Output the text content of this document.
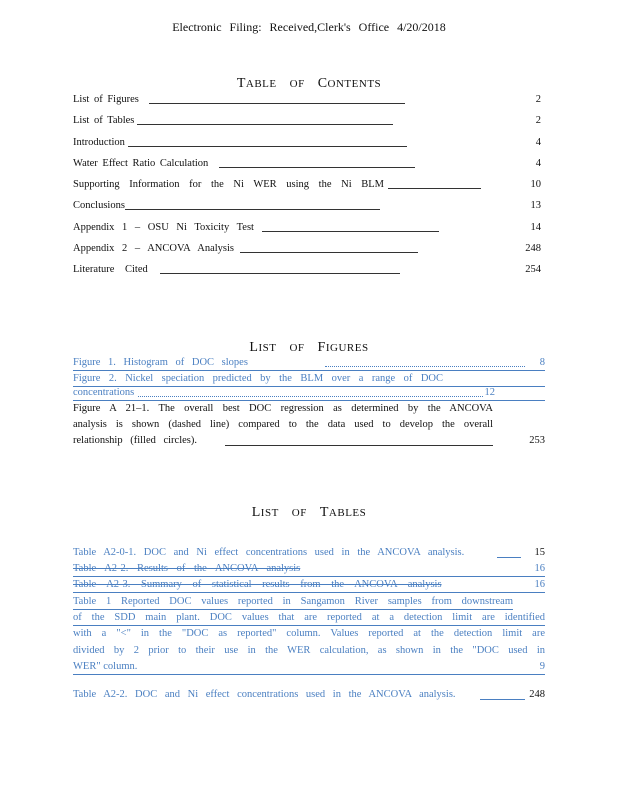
Electronic Filing: Received,Clerk's Office 4/20/2018
TABLE OF CONTENTS
List of Figures	2
List of Tables	2
Introduction	4
Water Effect Ratio Calculation	4
Supporting Information for the Ni WER using the Ni BLM	10
Conclusions	13
Appendix 1 – OSU Ni Toxicity Test	14
Appendix 2 – ANCOVA Analysis	248
Literature Cited	254
LIST OF FIGURES
Figure 1. Histogram of DOC slopes	8
Figure 2. Nickel speciation predicted by the BLM over a range of DOC
concentrations	12
Figure A 21–1. The overall best DOC regression as determined by the ANCOVA
analysis is shown (dashed line) compared to the data used to develop the overall
relationship (filled circles).	253
LIST OF TABLES
Table A2-0-1. DOC and Ni effect concentrations used in the ANCOVA analysis.	15
Table A2-2. Results of the ANCOVA analysis	16
Table A2-3. Summary of statistical results from the ANCOVA analysis	16
Table 1 Reported DOC values reported in Sangamon River samples from downstream
of the SDD main plant. DOC values that are reported at a detection limit are identified
with a "<" in the "DOC as reported" column. Values reported at the detection limit are
divided by 2 prior to their use in the WER calculation, as shown in the "DOC used in
WER" column.	9
Table A2-2. DOC and Ni effect concentrations used in the ANCOVA analysis.	248
